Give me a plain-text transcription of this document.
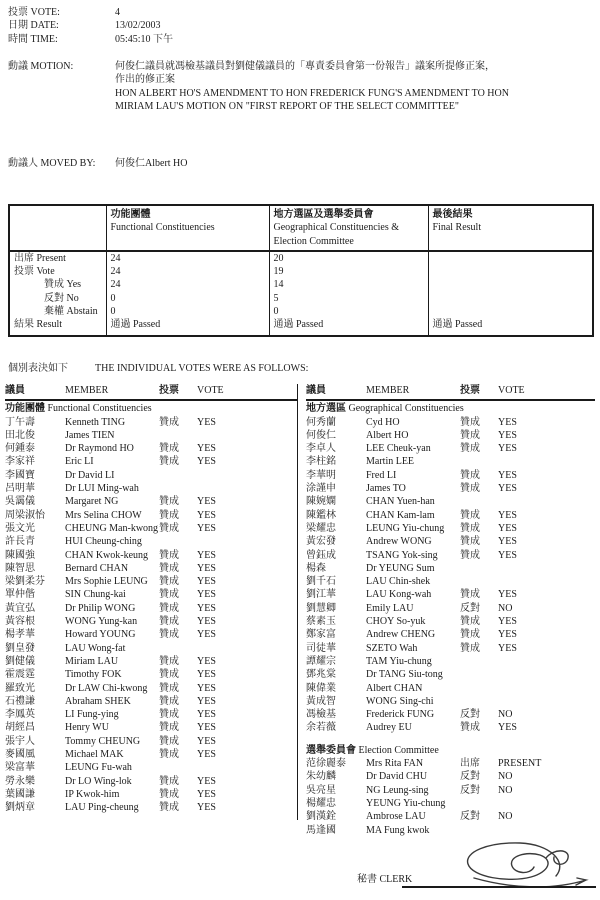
投票 VOTE:	4
日期 DATE:	13/02/2003
時間 TIME:	05:45:10 下午
動議 MOTION:	何俊仁議員就馮檢基議員對劉健儀議員的「專責委員會第一份報告」議案所提修正案，
作出的修正案
HON ALBERT HO'S AMENDMENT TO HON FREDERICK FUNG'S AMENDMENT TO HON
MIRIAM LAU'S MOTION ON "FIRST REPORT OF THE SELECT COMMITTEE"
動議人 MOVED BY:	何俊仁Albert HO

功能團體
Functional Constituencies

地方選區及選舉委員會
Geographical Constituencies & Election Committee

最後結果
Final Result

出席 Present	24	20	
投票 Vote	24	19	
贊成 Yes	24	14	
反對 No	0	5	
棄權 Abstain	0	0	
結果 Result	通過 Passed	通過 Passed	通過 Passed
個別表決如下	THE INDIVIDUAL VOTES WERE AS FOLLOWS:
議員	MEMBER	投票	VOTE
功能團體 Functional Constituencies
丁午壽	Kenneth TING	贊成	YES
田北俊	James TIEN
何鍾泰	Dr Raymond HO	贊成	YES
李家祥	Eric LI	贊成	YES
李國寶	Dr David LI
呂明華	Dr LUI Ming-wah
吳靄儀	Margaret NG	贊成	YES
周梁淑怡	Mrs Selina CHOW	贊成	YES
張文光	CHEUNG Man-kwong 贊成	YES
許長青	HUI Cheung-ching
陳國強	CHAN Kwok-keung	贊成	YES
陳智思	Bernard CHAN	贊成	YES
梁劉柔芬	Mrs Sophie LEUNG	贊成	YES
單仲偕	SIN Chung-kai	贊成	YES
黃宜弘	Dr Philip WONG	贊成	YES
黃容根	WONG Yung-kan	贊成	YES
楊孝華	Howard YOUNG	贊成	YES
劉皇發	LAU Wong-fat
劉健儀	Miriam LAU	贊成	YES
霍震霆	Timothy FOK	贊成	YES
羅致光	Dr LAW Chi-kwong	贊成	YES
石禮謙	Abraham SHEK	贊成	YES
李鳳英	LI Fung-ying	贊成	YES
胡經昌	Henry WU	贊成	YES
張宇人	Tommy CHEUNG	贊成	YES
麥國風	Michael MAK	贊成	YES
梁富華	LEUNG Fu-wah
勞永樂	Dr LO Wing-lok	贊成	YES
葉國謙	IP Kwok-him	贊成	YES
劉炳章	LAU Ping-cheung	贊成	YES
議員	MEMBER	投票	VOTE
地方選區 Geographical Constituencies
何秀蘭	Cyd HO	贊成	YES
何俊仁	Albert HO	贊成	YES
李卓人	LEE Cheuk-yan	贊成	YES
李柱銘	Martin LEE
李華明	Fred LI	贊成	YES
涂謹申	James TO	贊成	YES
陳婉嫻	CHAN Yuen-han
陳鑑林	CHAN Kam-lam	贊成	YES
梁耀忠	LEUNG Yiu-chung	贊成	YES
黃宏發	Andrew WONG	贊成	YES
曾鈺成	TSANG Yok-sing	贊成	YES
楊森	Dr YEUNG Sum
劉千石	LAU Chin-shek
劉江華	LAU Kong-wah	贊成	YES
劉慧卿	Emily LAU	反對	NO
蔡素玉	CHOY So-yuk	贊成	YES
鄭家富	Andrew CHENG	贊成	YES
司徒華	SZETO Wah	贊成	YES
譚耀宗	TAM Yiu-chung
鄧兆棠	Dr TANG Siu-tong
陳偉業	Albert CHAN
黃成智	WONG Sing-chi
馮檢基	Frederick FUNG	反對	NO
余若薇	Audrey EU	贊成	YES
選舉委員會 Election Committee
范徐麗泰	Mrs Rita FAN	出席	PRESENT
朱幼麟	Dr David CHU	反對	NO
吳亮星	NG Leung-sing	反對	NO
楊耀忠	YEUNG Yiu-chung
劉漢銓	Ambrose LAU	反對	NO
馬逢國	MA Fung kwok
秘書 CLERK
